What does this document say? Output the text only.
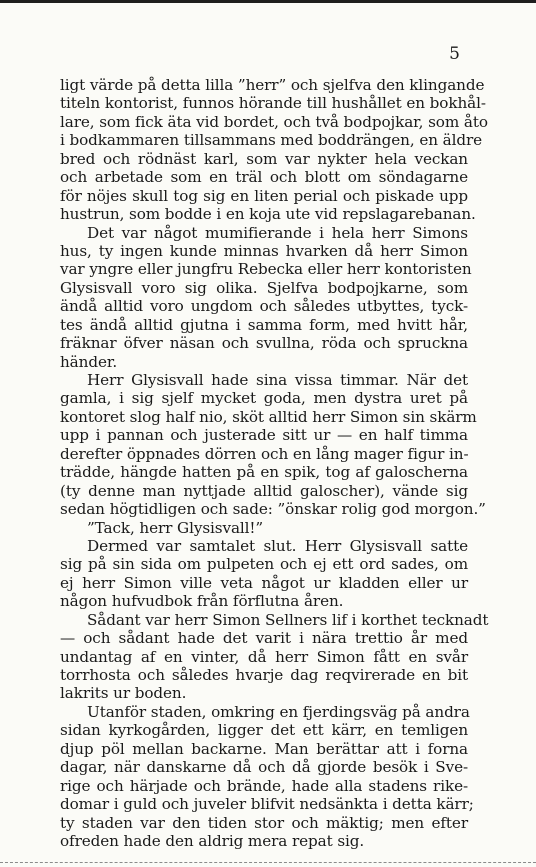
5
ligt värde på detta lilla ”herr” och sjelfva den klingande
titeln kontorist, funnos hörande till hushållet en bokhål-
lare, som fick äta vid bordet, och två bodpojkar, som åto
i bodkammaren tillsammans med boddrängen, en äldre
bred och rödnäst karl, som var nykter hela veckan
och arbetade som en träl och blott om söndagarne
för nöjes skull tog sig en liten perial och piskade upp
hustrun, som bodde i en koja ute vid repslagarebanan.
Det var något mumifierande i hela herr Simons
hus, ty ingen kunde minnas hvarken då herr Simon
var yngre eller jungfru Rebecka eller herr kontoristen
Glysisvall voro sig olika. Sjelfva bodpojkarne, som
ändå alltid voro ungdom och således utbyttes, tyck-
tes ändå alltid gjutna i samma form, med hvitt hår,
fräknar öfver näsan och svullna, röda och spruckna
händer.
Herr Glysisvall hade sina vissa timmar. När det
gamla, i sig sjelf mycket goda, men dystra uret på
kontoret slog half nio, sköt alltid herr Simon sin skärm
upp i pannan och justerade sitt ur — en half timma
derefter öppnades dörren och en lång mager figur in-
trädde, hängde hatten på en spik, tog af galoscherna
(ty denne man nyttjade alltid galoscher), vände sig
sedan högtidligen och sade: ”önskar rolig god morgon.”
”Tack, herr Glysisvall!”
Dermed var samtalet slut. Herr Glysisvall satte
sig på sin sida om pulpeten och ej ett ord sades, om
ej herr Simon ville veta något ur kladden eller ur
någon hufvudbok från förflutna åren.
Sådant var herr Simon Sellners lif i korthet tecknadt
— och sådant hade det varit i nära trettio år med
undantag af en vinter, då herr Simon fått en svår
torrhosta och således hvarje dag reqvirerade en bit
lakrits ur boden.
Utanför staden, omkring en fjerdingsväg på andra
sidan kyrkogården, ligger det ett kärr, en temligen
djup pöl mellan backarne. Man berättar att i forna
dagar, när danskarne då och då gjorde besök i Sve-
rige och härjade och brände, hade alla stadens rike-
domar i guld och juveler blifvit nedsänkta i detta kärr;
ty staden var den tiden stor och mäktig; men efter
ofreden hade den aldrig mera repat sig.
